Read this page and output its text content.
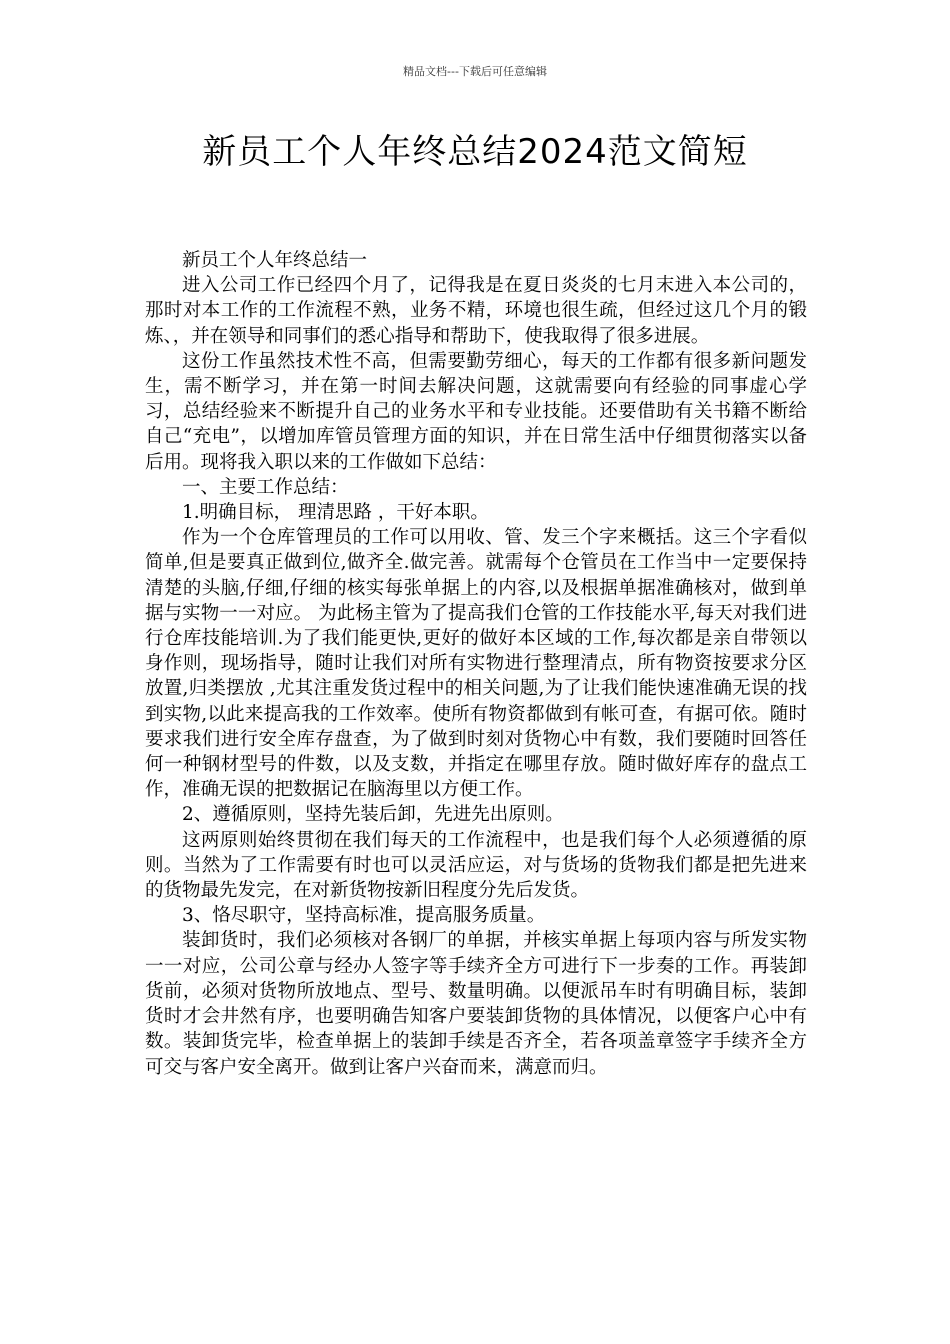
精品文档---下载后可任意编辑
新员工个人年终总结2024范文简短

新员工个人年终总结一

进入公司工作已经四个月了，记得我是在夏日炎炎的七月末进入本公司的，那时对本工作的工作流程不熟，业务不精，环境也很生疏，但经过这几个月的锻炼、，并在领导和同事们的悉心指导和帮助下，使我取得了很多进展。

这份工作虽然技术性不高，但需要勤劳细心，每天的工作都有很多新问题发生，需不断学习，并在第一时间去解决问题，这就需要向有经验的同事虚心学习，总结经验来不断提升自己的业务水平和专业技能。还要借助有关书籍不断给自己“充电”，以增加库管员管理方面的知识，并在日常生活中仔细贯彻落实以备后用。现将我入职以来的工作做如下总结：

一、主要工作总结：

1.明确目标， 理清思路 ，干好本职。

作为一个仓库管理员的工作可以用收、管、发三个字来概括。这三个字看似简单,但是要真正做到位,做齐全.做完善。就需每个仓管员在工作当中一定要保持清楚的头脑,仔细,仔细的核实每张单据上的内容,以及根据单据准确核对，做到单据与实物一一对应。 为此杨主管为了提高我们仓管的工作技能水平,每天对我们进行仓库技能培训.为了我们能更快,更好的做好本区域的工作,每次都是亲自带领以身作则，现场指导，随时让我们对所有实物进行整理清点，所有物资按要求分区放置,归类摆放 ,尤其注重发货过程中的相关问题,为了让我们能快速准确无误的找到实物,以此来提高我的工作效率。使所有物资都做到有帐可查，有据可依。随时要求我们进行安全库存盘查，为了做到时刻对货物心中有数，我们要随时回答任何一种钢材型号的件数，以及支数，并指定在哪里存放。随时做好库存的盘点工作，准确无误的把数据记在脑海里以方便工作。

2、遵循原则，坚持先装后卸，先进先出原则。

这两原则始终贯彻在我们每天的工作流程中，也是我们每个人必须遵循的原则。当然为了工作需要有时也可以灵活应运，对与货场的货物我们都是把先进来的货物最先发完，在对新货物按新旧程度分先后发货。

3、恪尽职守，坚持高标准，提高服务质量。

装卸货时，我们必须核对各钢厂的单据，并核实单据上每项内容与所发实物一一对应，公司公章与经办人签字等手续齐全方可进行下一步奏的工作。再装卸货前，必须对货物所放地点、型号、数量明确。以便派吊车时有明确目标，装卸货时才会井然有序，也要明确告知客户要装卸货物的具体情况，以便客户心中有数。装卸货完毕，检查单据上的装卸手续是否齐全，若各项盖章签字手续齐全方可交与客户安全离开。做到让客户兴奋而来，满意而归。
